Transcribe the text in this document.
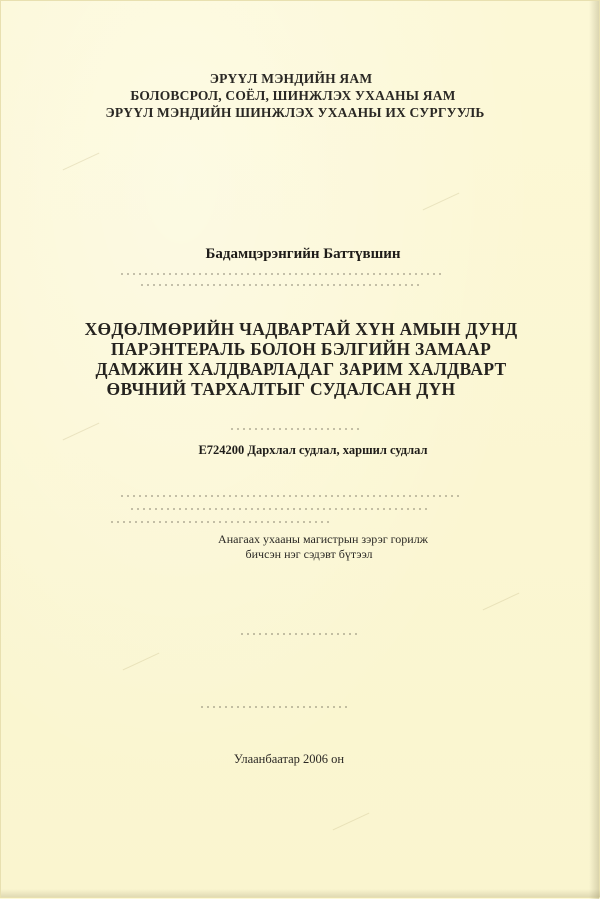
ЭРҮҮЛ МЭНДИЙН ЯАМ
БОЛОВСРОЛ, СОЁЛ, ШИНЖЛЭХ УХААНЫ ЯАМ
ЭРҮҮЛ МЭНДИЙН ШИНЖЛЭХ УХААНЫ ИХ СУРГУУЛЬ
Бадамцэрэнгийн Баттүвшин
ХӨДӨЛМӨРИЙН ЧАДВАРТАЙ ХҮН АМЫН ДУНД
ПАРЭНТЕРАЛЬ БОЛОН БЭЛГИЙН ЗАМААР
ДАМЖИН ХАЛДВАРЛАДАГ ЗАРИМ ХАЛДВАРТ
ӨВЧНИЙ ТАРХАЛТЫГ СУДАЛСАН ДҮН
E724200 Дархлал судлал, харшил судлал
Анагаах ухааны магистрын зэрэг горилж
бичсэн нэг сэдэвт бүтээл
Улаанбаатар 2006 он
